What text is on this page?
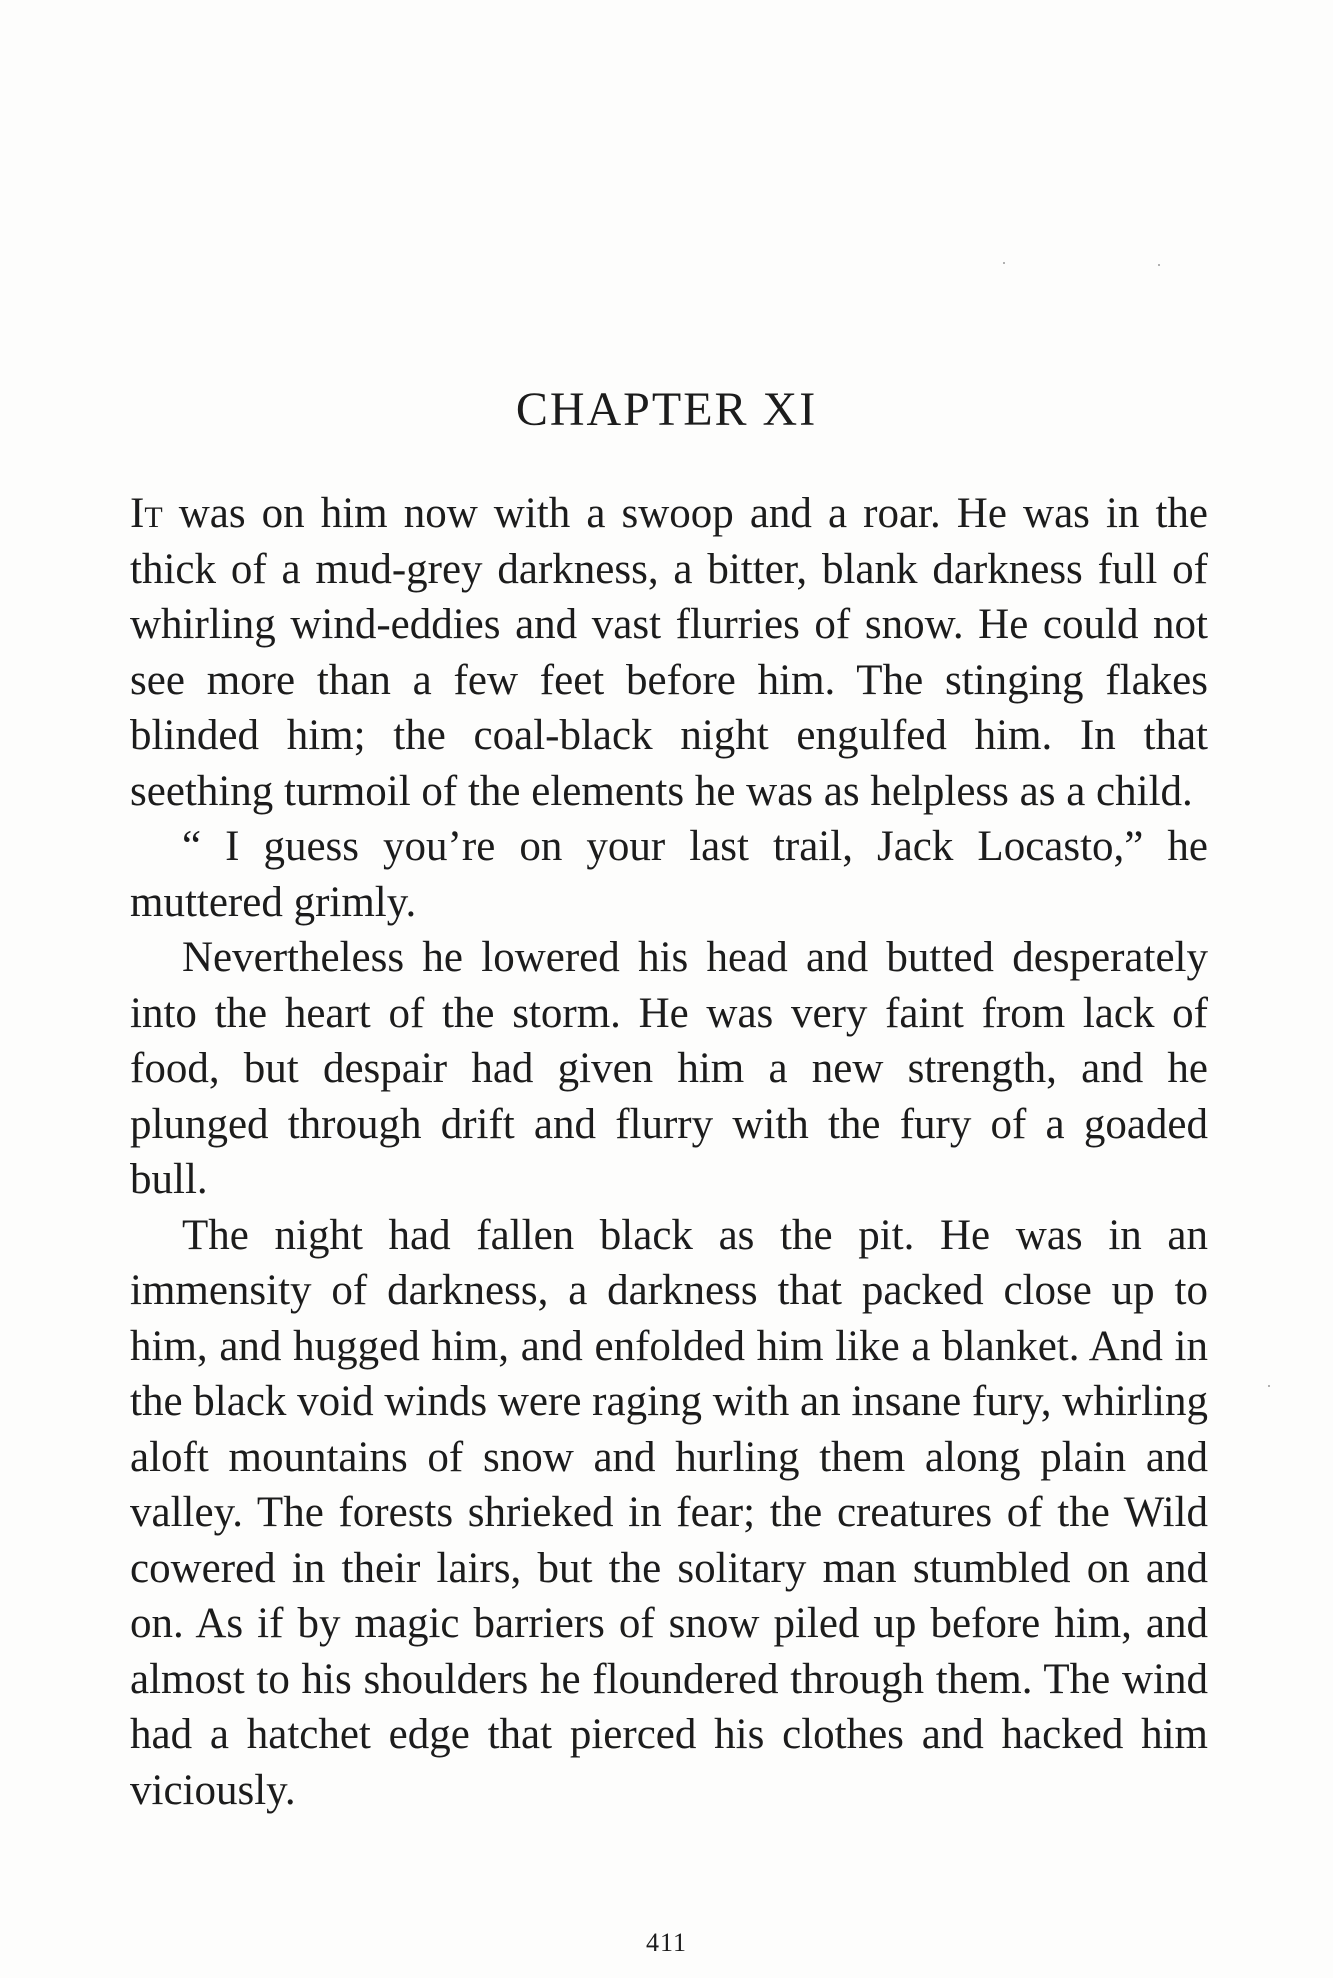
CHAPTER XI

It was on him now with a swoop and a roar. He was in the thick of a mud-grey darkness, a bitter, blank darkness full of whirling wind-eddies and vast flurries of snow. He could not see more than a few feet before him. The stinging flakes blinded him; the coal-black night engulfed him. In that seething turmoil of the elements he was as helpless as a child.

“ I guess you’re on your last trail, Jack Locasto,” he muttered grimly.

Nevertheless he lowered his head and butted desperately into the heart of the storm. He was very faint from lack of food, but despair had given him a new strength, and he plunged through drift and flurry with the fury of a goaded bull.

The night had fallen black as the pit. He was in an immensity of darkness, a darkness that packed close up to him, and hugged him, and enfolded him like a blanket. And in the black void winds were raging with an insane fury, whirling aloft mountains of snow and hurling them along plain and valley. The forests shrieked in fear; the creatures of the Wild cowered in their lairs, but the solitary man stumbled on and on. As if by magic barriers of snow piled up before him, and almost to his shoulders he floundered through them. The wind had a hatchet edge that pierced his clothes and hacked him viciously.

411
